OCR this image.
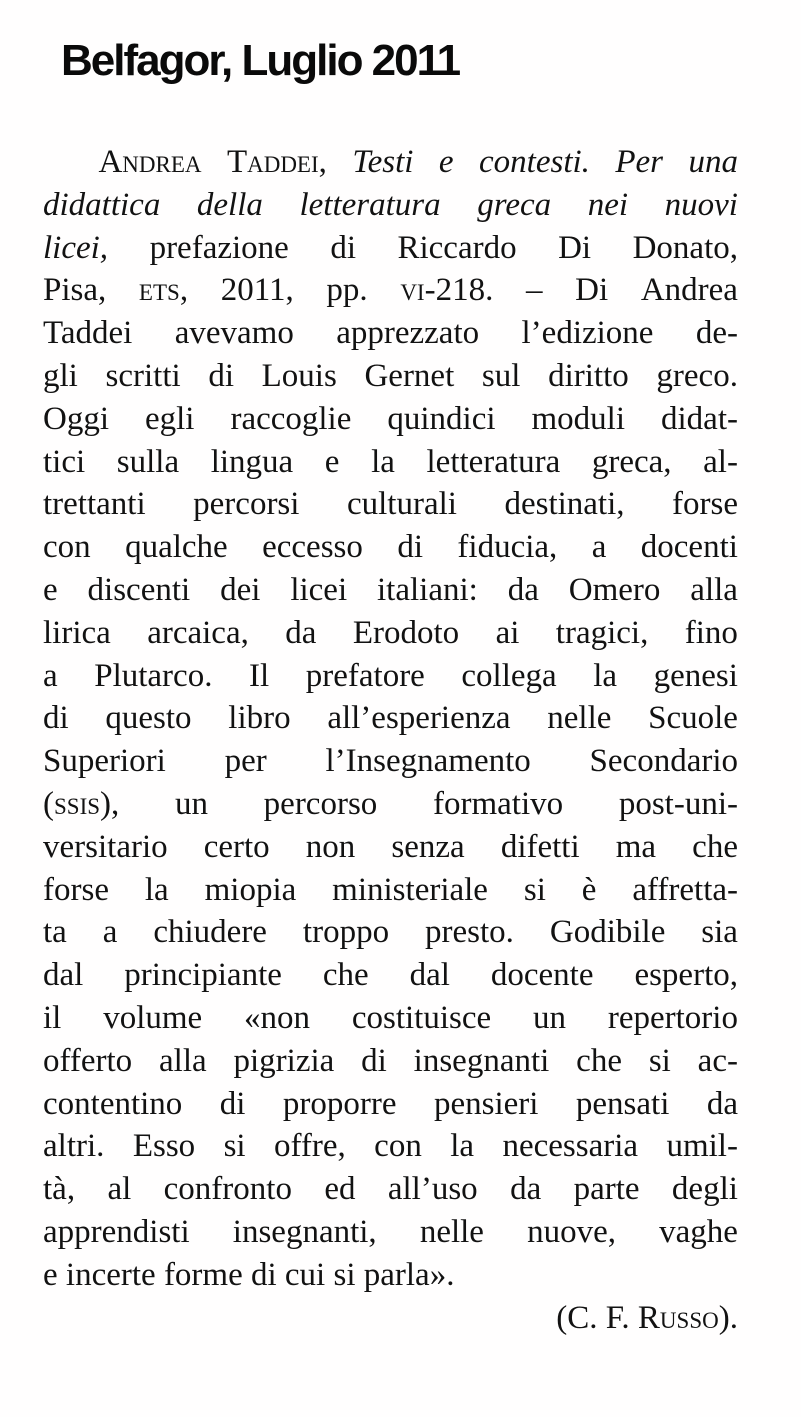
Belfagor, Luglio 2011
Andrea Taddei, Testi e contesti. Per una
didattica della letteratura greca nei nuovi
licei, prefazione di Riccardo Di Donato,
Pisa, ets, 2011, pp. vi-218. – Di Andrea
Taddei avevamo apprezzato l’edizione de-
gli scritti di Louis Gernet sul diritto greco.
Oggi egli raccoglie quindici moduli didat-
tici sulla lingua e la letteratura greca, al-
trettanti percorsi culturali destinati, forse
con qualche eccesso di fiducia, a docenti
e discenti dei licei italiani: da Omero alla
lirica arcaica, da Erodoto ai tragici, fino
a Plutarco. Il prefatore collega la genesi
di questo libro all’esperienza nelle Scuole
Superiori per l’Insegnamento Secondario
(ssis), un percorso formativo post-uni-
versitario certo non senza difetti ma che
forse la miopia ministeriale si è affretta-
ta a chiudere troppo presto. Godibile sia
dal principiante che dal docente esperto,
il volume «non costituisce un repertorio
offerto alla pigrizia di insegnanti che si ac-
contentino di proporre pensieri pensati da
altri. Esso si offre, con la necessaria umil-
tà, al confronto ed all’uso da parte degli
apprendisti insegnanti, nelle nuove, vaghe
e incerte forme di cui si parla».
(C. F. Russo).
